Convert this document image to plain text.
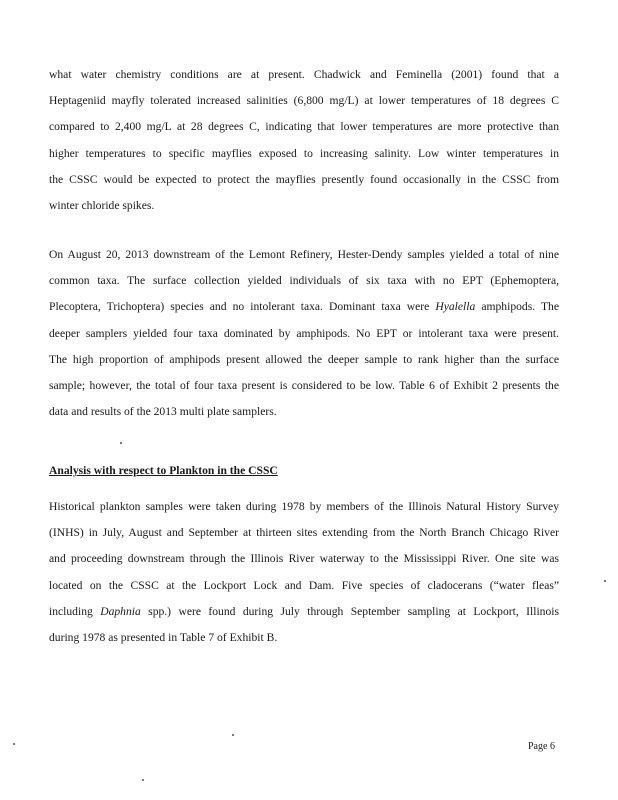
what water chemistry conditions are at present. Chadwick and Feminella (2001) found that a
Heptageniid mayfly tolerated increased salinities (6,800 mg/L) at lower temperatures of 18 degrees C
compared to 2,400 mg/L at 28 degrees C, indicating that lower temperatures are more protective than
higher temperatures to specific mayflies exposed to increasing salinity. Low winter temperatures in
the CSSC would be expected to protect the mayflies presently found occasionally in the CSSC from
winter chloride spikes.

On August 20, 2013 downstream of the Lemont Refinery, Hester-Dendy samples yielded a total of nine
common taxa. The surface collection yielded individuals of six taxa with no EPT (Ephemoptera,
Plecoptera, Trichoptera) species and no intolerant taxa. Dominant taxa were Hyalella amphipods. The
deeper samplers yielded four taxa dominated by amphipods. No EPT or intolerant taxa were present.
The high proportion of amphipods present allowed the deeper sample to rank higher than the surface
sample; however, the total of four taxa present is considered to be low. Table 6 of Exhibit 2 presents the
data and results of the 2013 multi plate samplers.

Analysis with respect to Plankton in the CSSC

Historical plankton samples were taken during 1978 by members of the Illinois Natural History Survey
(INHS) in July, August and September at thirteen sites extending from the North Branch Chicago River
and proceeding downstream through the Illinois River waterway to the Mississippi River. One site was
located on the CSSC at the Lockport Lock and Dam. Five species of cladocerans (“water fleas”
including Daphnia spp.) were found during July through September sampling at Lockport, Illinois
during 1978 as presented in Table 7 of Exhibit B.

Page 6
